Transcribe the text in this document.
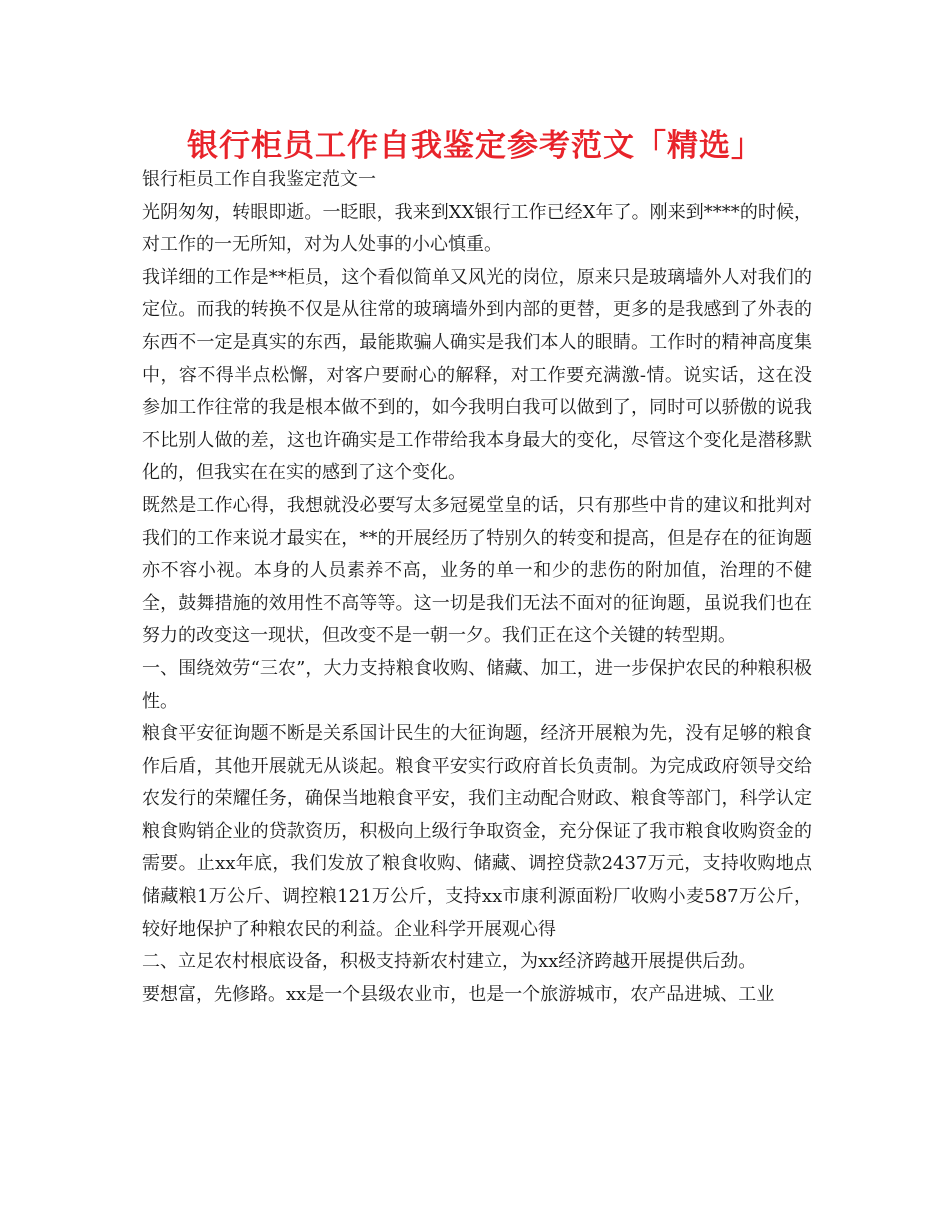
银行柜员工作自我鉴定参考范文「精选」

银行柜员工作自我鉴定范文一

光阴匆匆，转眼即逝。一眨眼，我来到XX银行工作已经X年了。刚来到****的时候，对工作的一无所知，对为人处事的小心慎重。

我详细的工作是**柜员，这个看似简单又风光的岗位，原来只是玻璃墙外人对我们的定位。而我的转换不仅是从往常的玻璃墙外到内部的更替，更多的是我感到了外表的东西不一定是真实的东西，最能欺骗人确实是我们本人的眼睛。工作时的精神高度集中，容不得半点松懈，对客户要耐心的解释，对工作要充满激-情。说实话，这在没参加工作往常的我是根本做不到的，如今我明白我可以做到了，同时可以骄傲的说我不比别人做的差，这也许确实是工作带给我本身最大的变化，尽管这个变化是潜移默化的，但我实在在实的感到了这个变化。

既然是工作心得，我想就没必要写太多冠冕堂皇的话，只有那些中肯的建议和批判对我们的工作来说才最实在，**的开展经历了特别久的转变和提高，但是存在的征询题亦不容小视。本身的人员素养不高，业务的单一和少的悲伤的附加值，治理的不健全，鼓舞措施的效用性不高等等。这一切是我们无法不面对的征询题，虽说我们也在努力的改变这一现状，但改变不是一朝一夕。我们正在这个关键的转型期。

一、围绕效劳“三农”，大力支持粮食收购、储藏、加工，进一步保护农民的种粮积极性。

粮食平安征询题不断是关系国计民生的大征询题，经济开展粮为先，没有足够的粮食作后盾，其他开展就无从谈起。粮食平安实行政府首长负责制。为完成政府领导交给农发行的荣耀任务，确保当地粮食平安，我们主动配合财政、粮食等部门，科学认定粮食购销企业的贷款资历，积极向上级行争取资金，充分保证了我市粮食收购资金的需要。止xx年底，我们发放了粮食收购、储藏、调控贷款2437万元，支持收购地点储藏粮1万公斤、调控粮121万公斤，支持xx市康利源面粉厂收购小麦587万公斤，较好地保护了种粮农民的利益。企业科学开展观心得

二、立足农村根底设备，积极支持新农村建立，为xx经济跨越开展提供后劲。

要想富，先修路。xx是一个县级农业市，也是一个旅游城市，农产品进城、工业
